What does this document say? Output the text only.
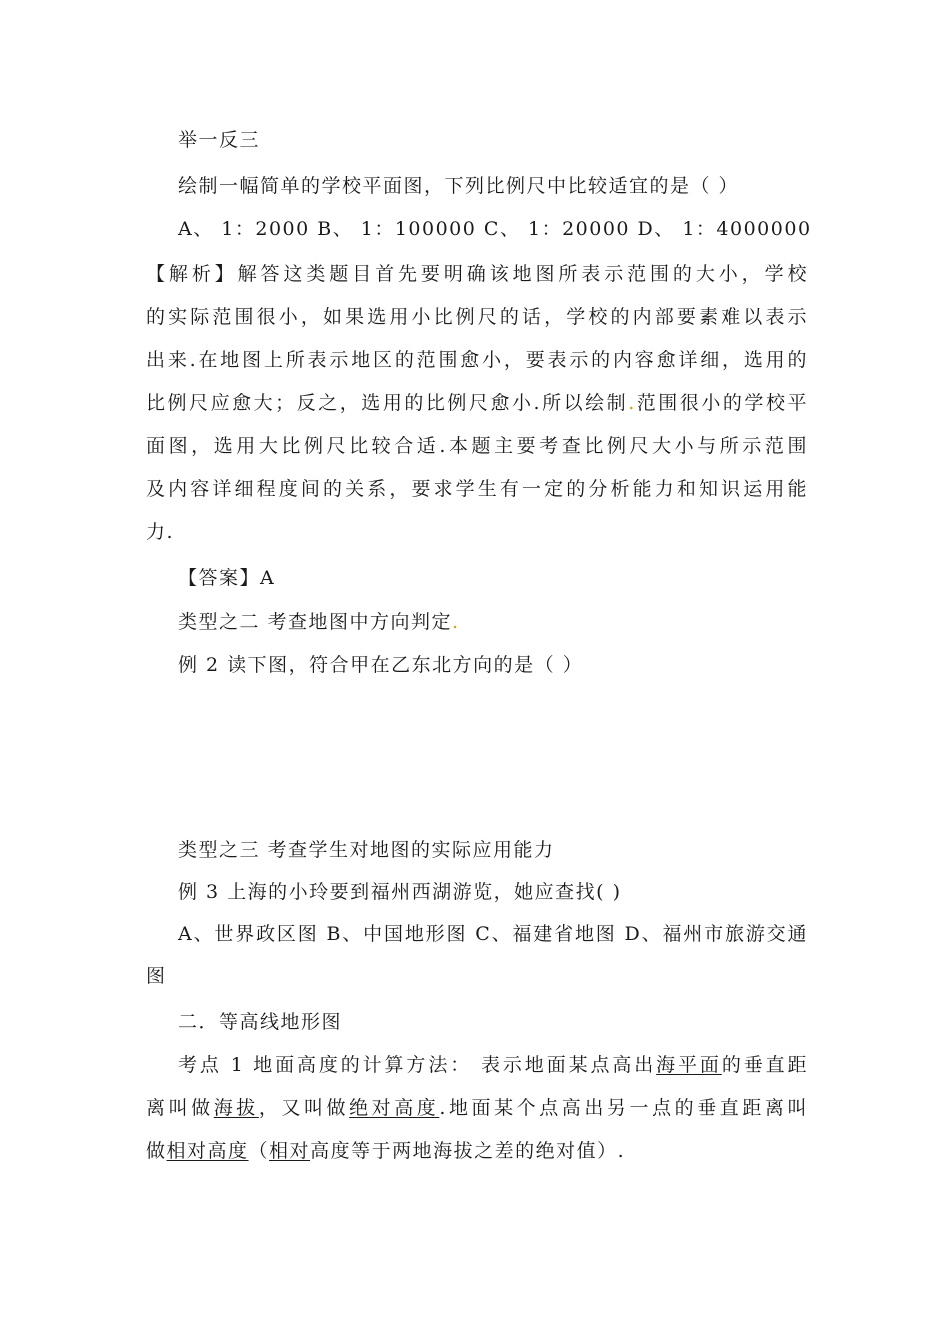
举一反三
绘制一幅简单的学校平面图，下列比例尺中比较适宜的是（ ）
A、 1：2000 B、 1：100000 C、 1：20000 D、 1：4000000
【解析】解答这类题目首先要明确该地图所表示范围的大小，学校
的实际范围很小，如果选用小比例尺的话，学校的内部要素难以表示
出来.在地图上所表示地区的范围愈小，要表示的内容愈详细，选用的
比例尺应愈大；反之，选用的比例尺愈小.所以绘制.范围很小的学校平
面图，选用大比例尺比较合适.本题主要考查比例尺大小与所示范围
及内容详细程度间的关系，要求学生有一定的分析能力和知识运用能
力.
【答案】A
类型之二 考查地图中方向判定.
例 2 读下图，符合甲在乙东北方向的是（ ）
类型之三 考查学生对地图的实际应用能力
例 3 上海的小玲要到福州西湖游览，她应查找( )
A、世界政区图 B、中国地形图 C、福建省地图 D、福州市旅游交通
图
二．等高线地形图
考点 1 地面高度的计算方法： 表示地面某点高出海平面的垂直距
离叫做海拔，又叫做绝对高度.地面某个点高出另一点的垂直距离叫
做相对高度（相对高度等于两地海拔之差的绝对值）.
